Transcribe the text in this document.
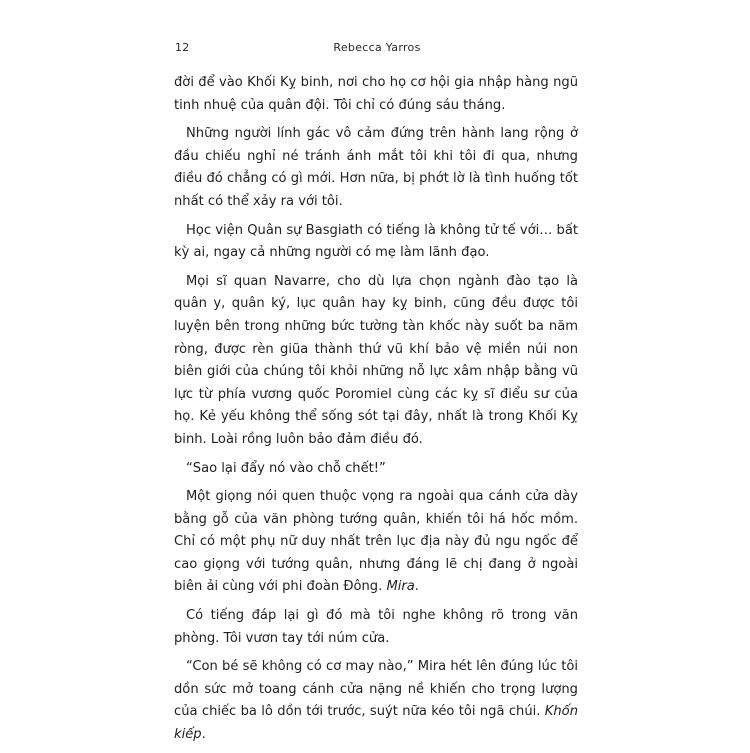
12	Rebecca Yarros

đời để vào Khối Kỵ binh, nơi cho họ cơ hội gia nhập hàng ngũ tinh nhuệ của quân đội. Tôi chỉ có đúng sáu tháng.

Những người lính gác vô cảm đứng trên hành lang rộng ở đầu chiếu nghỉ né tránh ánh mắt tôi khi tôi đi qua, nhưng điều đó chẳng có gì mới. Hơn nữa, bị phớt lờ là tình huống tốt nhất có thể xảy ra với tôi.

Học viện Quân sự Basgiath có tiếng là không tử tế với… bất kỳ ai, ngay cả những người có mẹ làm lãnh đạo.

Mọi sĩ quan Navarre, cho dù lựa chọn ngành đào tạo là quân y, quân ký, lục quân hay kỵ binh, cũng đều được tôi luyện bên trong những bức tường tàn khốc này suốt ba năm ròng, được rèn giũa thành thứ vũ khí bảo vệ miền núi non biên giới của chúng tôi khỏi những nỗ lực xâm nhập bằng vũ lực từ phía vương quốc Poromiel cùng các kỵ sĩ điểu sư của họ. Kẻ yếu không thể sống sót tại đây, nhất là trong Khối Kỵ binh. Loài rồng luôn bảo đảm điều đó.

“Sao lại đẩy nó vào chỗ chết!”

Một giọng nói quen thuộc vọng ra ngoài qua cánh cửa dày bằng gỗ của văn phòng tướng quân, khiến tôi há hốc mồm. Chỉ có một phụ nữ duy nhất trên lục địa này đủ ngu ngốc để cao giọng với tướng quân, nhưng đáng lẽ chị đang ở ngoài biên ải cùng với phi đoàn Đông. Mira.

Có tiếng đáp lại gì đó mà tôi nghe không rõ trong văn phòng. Tôi vươn tay tới núm cửa.

“Con bé sẽ không có cơ may nào,” Mira hét lên đúng lúc tôi dồn sức mở toang cánh cửa nặng nề khiến cho trọng lượng của chiếc ba lô dồn tới trước, suýt nữa kéo tôi ngã chúi. Khốn kiếp.
